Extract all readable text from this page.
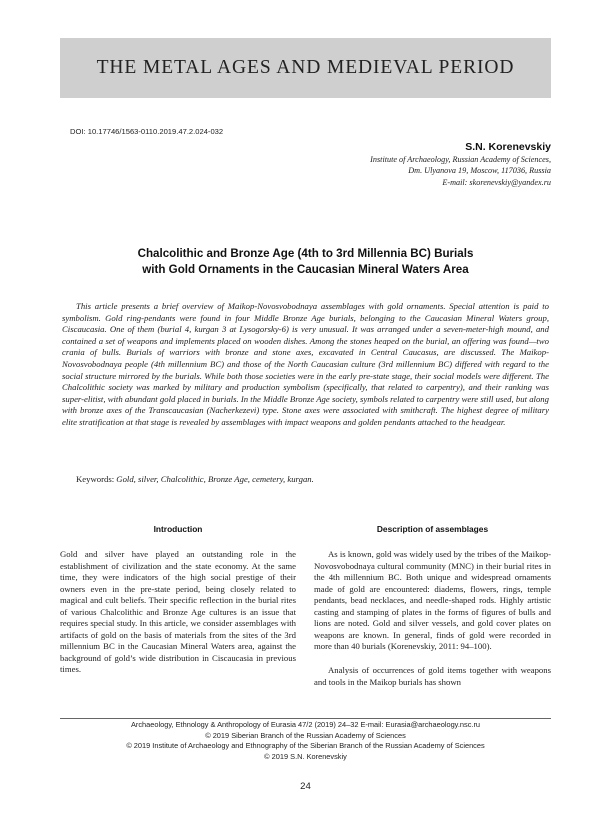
THE METAL AGES AND MEDIEVAL PERIOD
DOI: 10.17746/1563-0110.2019.47.2.024-032
S.N. Korenevskiy
Institute of Archaeology, Russian Academy of Sciences,
Dm. Ulyanova 19, Moscow, 117036, Russia
E-mail: skorenevskiy@yandex.ru
Chalcolithic and Bronze Age (4th to 3rd Millennia BC) Burials
with Gold Ornaments in the Caucasian Mineral Waters Area

This article presents a brief overview of Maikop-Novosvobodnaya assemblages with gold ornaments. Special attention is paid to symbolism. Gold ring-pendants were found in four Middle Bronze Age burials, belonging to the Caucasian Mineral Waters group, Ciscaucasia. One of them (burial 4, kurgan 3 at Lysogorsky-6) is very unusual. It was arranged under a seven-meter-high mound, and contained a set of weapons and implements placed on wooden dishes. Among the stones heaped on the burial, an offering was found—two crania of bulls. Burials of warriors with bronze and stone axes, excavated in Central Caucasus, are discussed. The Maikop-Novosvobodnaya people (4th millennium BC) and those of the North Caucasian culture (3rd millennium BC) differed with regard to the social structure mirrored by the burials. While both those societies were in the early pre-state stage, their social models were different. The Chalcolithic society was marked by military and production symbolism (specifically, that related to carpentry), and their ranking was super-elitist, with abundant gold placed in burials. In the Middle Bronze Age society, symbols related to carpentry were still used, but along with bronze axes of the Transcaucasian (Nacherkezevi) type. Stone axes were associated with smithcraft. The highest degree of military elite stratification at that stage is revealed by assemblages with impact weapons and golden pendants attached to the headgear.

Keywords: Gold, silver, Chalcolithic, Bronze Age, cemetery, kurgan.
Introduction	Description of assemblages

Gold and silver have played an outstanding role in the establishment of civilization and the state economy. At the same time, they were indicators of the high social prestige of their owners even in the pre-state period, being closely related to magical and cult beliefs. Their specific reflection in the burial rites of various Chalcolithic and Bronze Age cultures is an issue that requires special study. In this article, we consider assemblages with artifacts of gold on the basis of materials from the sites of the 3rd millennium BC in the Caucasian Mineral Waters area, against the background of gold’s wide distribution in Ciscaucasia in previous times.

As is known, gold was widely used by the tribes of the Maikop-Novosvobodnaya cultural community (MNC) in their burial rites in the 4th millennium BC. Both unique and widespread ornaments made of gold are encountered: diadems, flowers, rings, temple pendants, bead necklaces, and needle-shaped rods. Highly artistic casting and stamping of plates in the forms of figures of bulls and lions are noted. Gold and silver vessels, and gold cover plates on weapons are known. In general, finds of gold were recorded in more than 40 burials (Korenevskiy, 2011: 94–100).

Analysis of occurrences of gold items together with weapons and tools in the Maikop burials has shown

Archaeology, Ethnology & Anthropology of Eurasia 47/2 (2019) 24–32 E-mail: Eurasia@archaeology.nsc.ru
© 2019 Siberian Branch of the Russian Academy of Sciences
© 2019 Institute of Archaeology and Ethnography of the Siberian Branch of the Russian Academy of Sciences
© 2019 S.N. Korenevskiy
24
